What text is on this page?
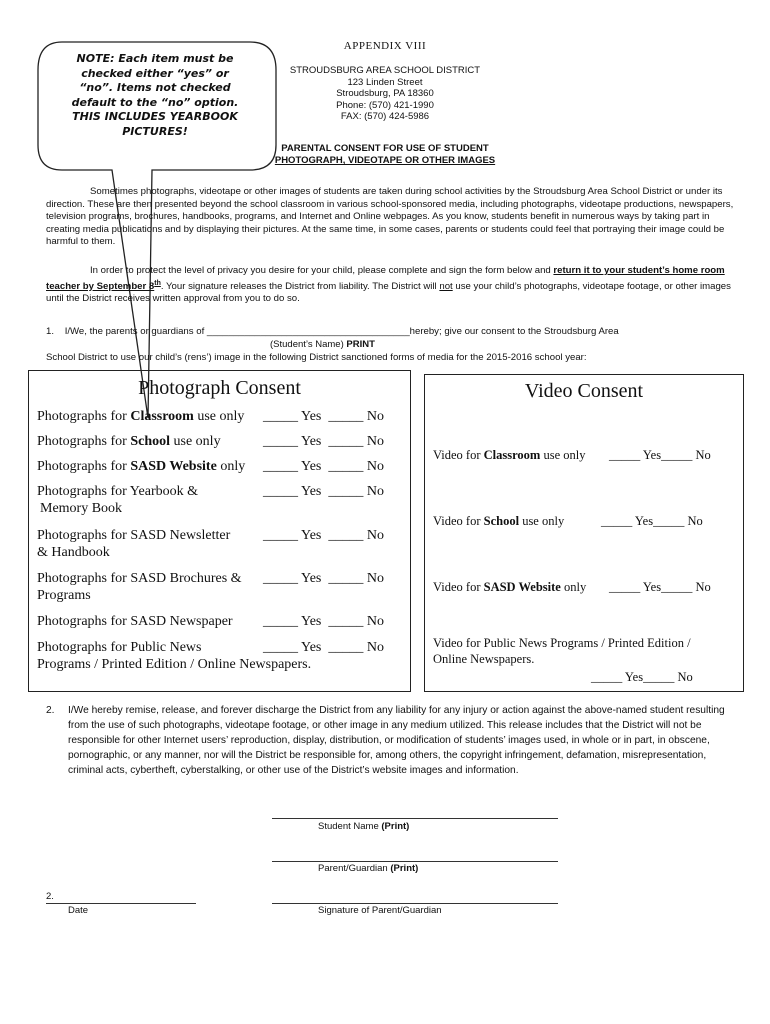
NOTE: Each item must be
checked either “yes” or
“no”. Items not checked
default to the “no” option.
THIS INCLUDES YEARBOOK
PICTURES!
APPENDIX VIII
STROUDSBURG AREA SCHOOL DISTRICT
123 Linden Street
Stroudsburg, PA 18360
Phone: (570) 421-1990
FAX: (570) 424-5986
PARENTAL CONSENT FOR USE OF STUDENT
PHOTOGRAPH, VIDEOTAPE OR OTHER IMAGES
Sometimes photographs, videotape or other images of students are taken during school activities by the Stroudsburg Area School District or under its direction. These are then presented beyond the school classroom in various school-sponsored media, including photographs, videotape productions, newspapers, television programs, brochures, handbooks, programs, and Internet and Online webpages. As you know, students benefit in numerous ways by taking part in creating media publications and by displaying their pictures. At the same time, in some cases, parents or students could feel that portraying their image could be harmful to them.
In order to protect the level of privacy you desire for your child, please complete and sign the form below and return it to your student’s home room teacher by September 8th. Your signature releases the District from liability. The District will not use your child’s photographs, videotape footage, or other images until the District receives written approval from you to do so.
1. I/We, the parents or guardians of ______________________________________hereby; give our consent to the Stroudsburg Area
(Student’s Name) PRINT
School District to use our child’s (rens’) image in the following District sanctioned forms of media for the 2015-2016 school year:
Photograph Consent
Photographs for Classroom use only	_____ Yes  _____ No
Photographs for School use only	_____ Yes  _____ No
Photographs for SASD Website only	_____ Yes  _____ No
Photographs for Yearbook &
Memory Book
_____ Yes  _____ No
Photographs for SASD Newsletter
& Handbook
_____ Yes  _____ No
Photographs for SASD Brochures &
Programs
_____ Yes  _____ No
Photographs for SASD Newspaper	_____ Yes  _____ No
Photographs for Public News
Programs / Printed Edition / Online Newspapers.
_____ Yes  _____ No
Video Consent
Video for Classroom use only	_____ Yes_____ No
Video for School use only	_____ Yes_____ No
Video for SASD Website only	_____ Yes_____ No
Video for Public News Programs / Printed Edition /
Online Newspapers.
_____ Yes_____ No
2. I/We hereby remise, release, and forever discharge the District from any liability for any injury or action against the above-named student resulting from the use of such photographs, videotape footage, or other image in any medium utilized. This release includes that the District will not be responsible for other Internet users’ reproduction, display, distribution, or modification of students’ images used, in whole or in part, in obscene, pornographic, or any manner, nor will the District be responsible for, among others, the copyright infringement, defamation, misrepresentation, criminal acts, cybertheft, cyberstalking, or other use of the District’s website images and information.
Student Name (Print)
Parent/Guardian (Print)
2.
Date	Signature of Parent/Guardian
